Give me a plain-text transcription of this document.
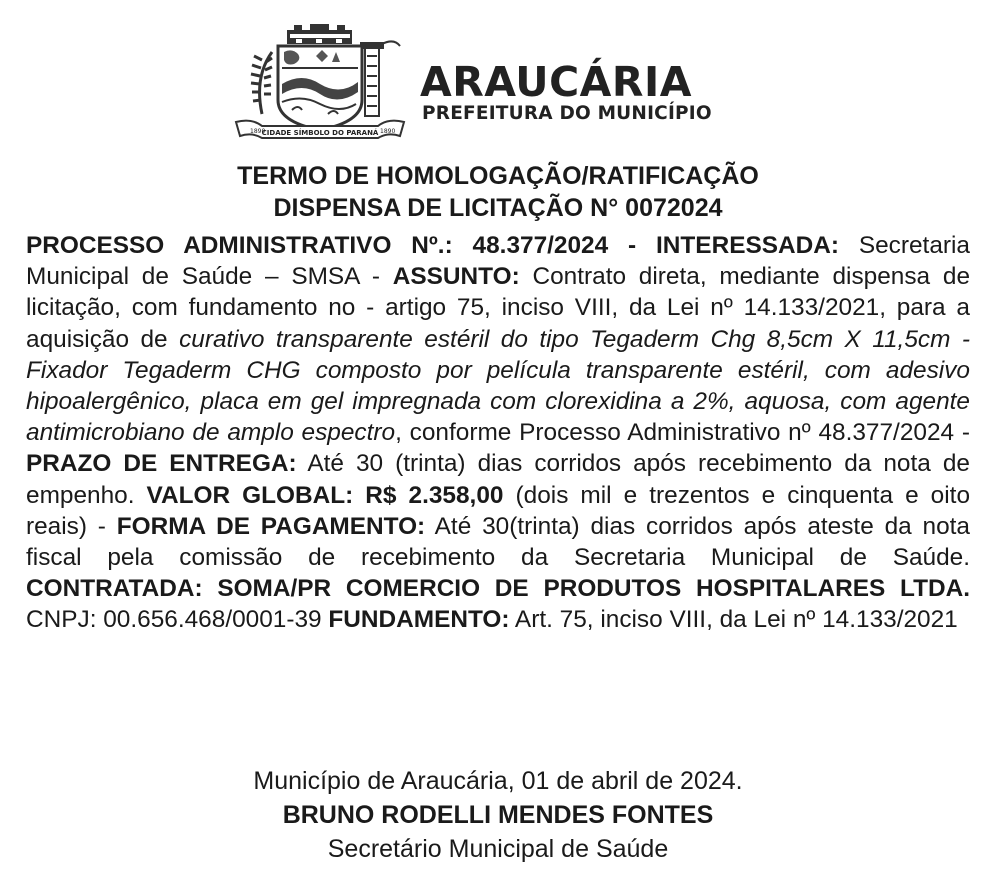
1890
CIDADE SÍMBOLO DO PARANÁ 1890
ARAUCÁRIA
PREFEITURA DO MUNICÍPIO
TERMO DE HOMOLOGAÇÃO/RATIFICAÇÃO
DISPENSA DE LICITAÇÃO N° 0072024

PROCESSO ADMINISTRATIVO Nº.: 48.377/2024 - INTERESSADA: Secretaria Municipal de Saúde – SMSA - ASSUNTO: Contrato direta, mediante dispensa de licitação, com fundamento no - artigo 75, inciso VIII, da Lei nº 14.133/2021, para a aquisição de curativo transparente estéril do tipo Tegaderm Chg 8,5cm X 11,5cm - Fixador Tegaderm CHG composto por película transparente estéril, com adesivo hipoalergênico, placa em gel impregnada com clorexidina a 2%, aquosa, com agente antimicrobiano de amplo espectro, conforme Processo Administrativo nº 48.377/2024 - PRAZO DE ENTREGA: Até 30 (trinta) dias corridos após recebimento da nota de empenho. VALOR GLOBAL: R$ 2.358,00 (dois mil e trezentos e cinquenta e oito reais) - FORMA DE PAGAMENTO: Até 30(trinta) dias corridos após ateste da nota fiscal pela comissão de recebimento da Secretaria Municipal de Saúde. CONTRATADA: SOMA/PR COMERCIO DE PRODUTOS HOSPITALARES LTDA. CNPJ: 00.656.468/0001-39 FUNDAMENTO: Art. 75, inciso VIII, da Lei nº 14.133/2021

Município de Araucária, 01 de abril de 2024.
BRUNO RODELLI MENDES FONTES
Secretário Municipal de Saúde
